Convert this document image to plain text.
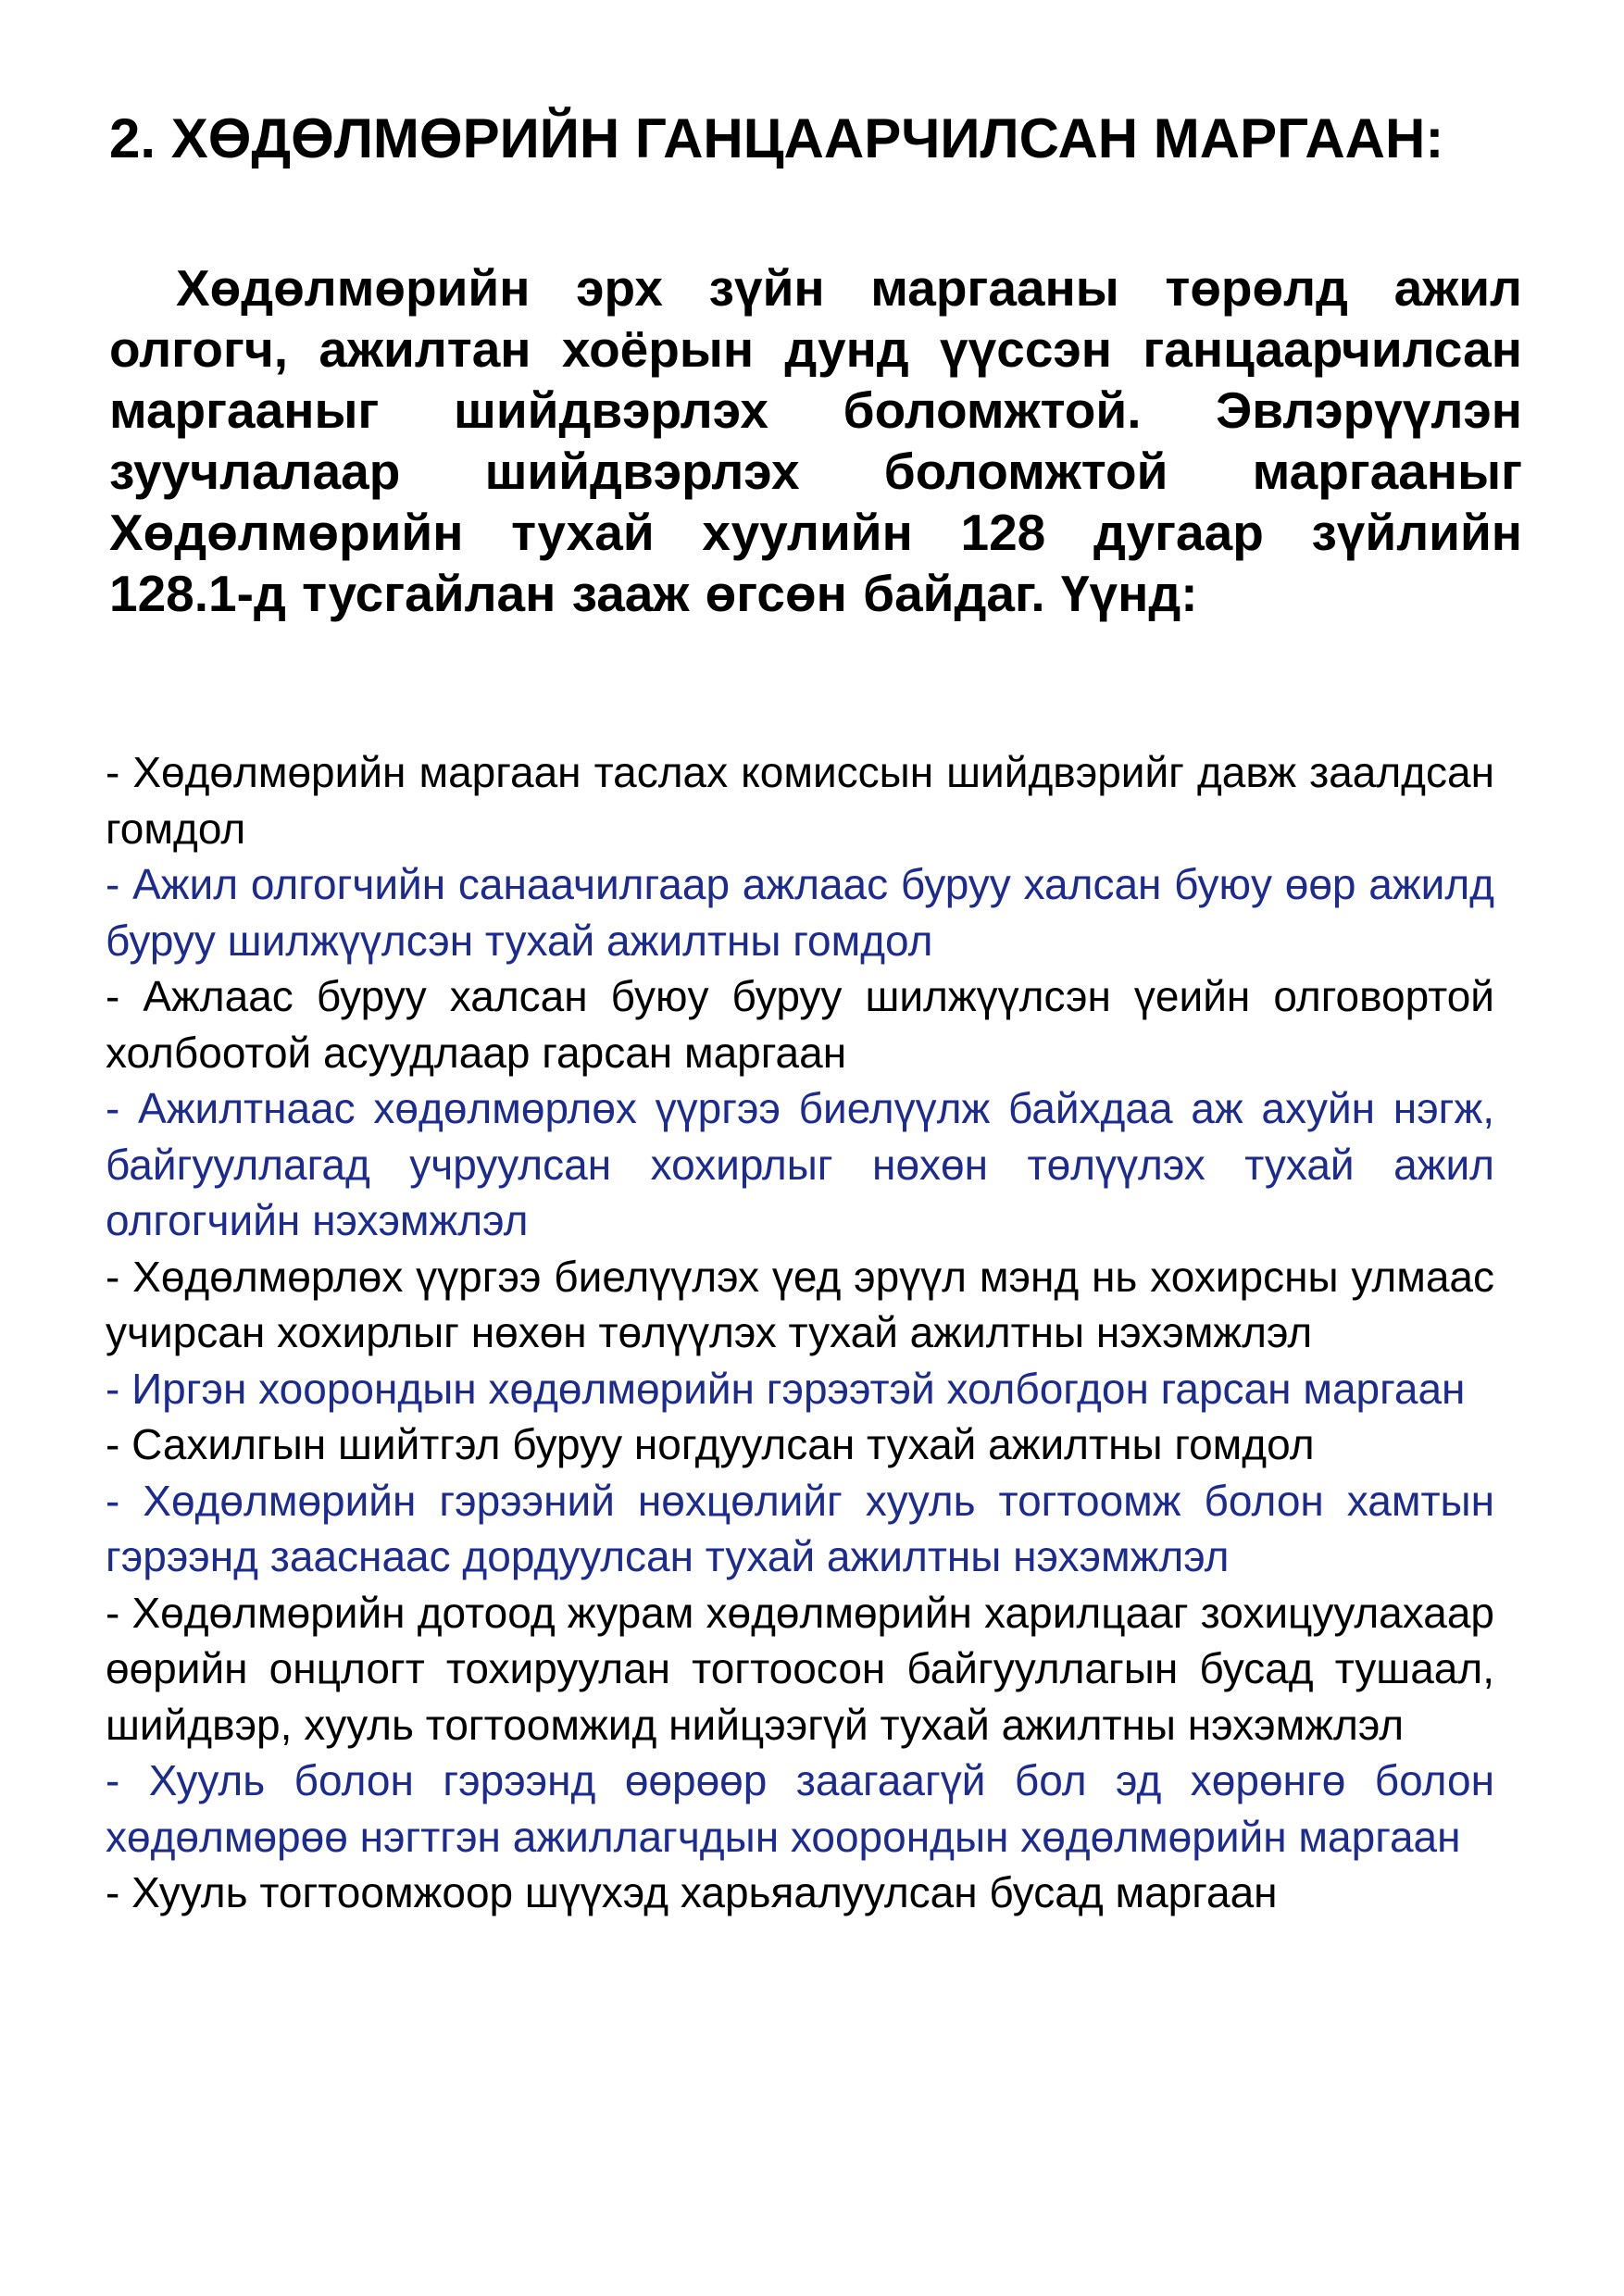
2. ХӨДӨЛМӨРИЙН ГАНЦААРЧИЛСАН МАРГААН:

Хөдөлмөрийн эрх зүйн маргааны төрөлд ажил олгогч, ажилтан хоёрын дунд үүссэн ганцаарчилсан маргааныг шийдвэрлэх боломжтой. Эвлэрүүлэн зуучлалаар шийдвэрлэх боломжтой маргааныг Хөдөлмөрийн тухай хуулийн 128 дугаар зүйлийн 128.1-д тусгайлан зааж өгсөн байдаг. Үүнд:

- Хөдөлмөрийн маргаан таслах комиссын шийдвэрийг давж заалдсан гомдол
- Ажил олгогчийн санаачилгаар ажлаас буруу халсан буюу өөр ажилд буруу шилжүүлсэн тухай ажилтны гомдол
- Ажлаас буруу халсан буюу буруу шилжүүлсэн үеийн олговортой холбоотой асуудлаар гарсан маргаан
- Ажилтнаас хөдөлмөрлөх үүргээ биелүүлж байхдаа аж ахуйн нэгж, байгууллагад учруулсан хохирлыг нөхөн төлүүлэх тухай ажил олгогчийн нэхэмжлэл
- Хөдөлмөрлөх үүргээ биелүүлэх үед эрүүл мэнд нь хохирсны улмаас учирсан хохирлыг нөхөн төлүүлэх тухай ажилтны нэхэмжлэл
- Иргэн хоорондын хөдөлмөрийн гэрээтэй холбогдон гарсан маргаан
- Сахилгын шийтгэл буруу ногдуулсан тухай ажилтны гомдол
- Хөдөлмөрийн гэрээний нөхцөлийг хууль тогтоомж болон хамтын гэрээнд зааснаас дордуулсан тухай ажилтны нэхэмжлэл
- Хөдөлмөрийн дотоод журам хөдөлмөрийн харилцааг зохицуулахаар өөрийн онцлогт тохируулан тогтоосон байгууллагын бусад тушаал, шийдвэр, хууль тогтоомжид нийцээгүй тухай ажилтны нэхэмжлэл
- Хууль болон гэрээнд өөрөөр заагаагүй бол эд хөрөнгө болон хөдөлмөрөө нэгтгэн ажиллагчдын хоорондын хөдөлмөрийн маргаан
- Хууль тогтоомжоор шүүхэд харьяалуулсан бусад маргаан
